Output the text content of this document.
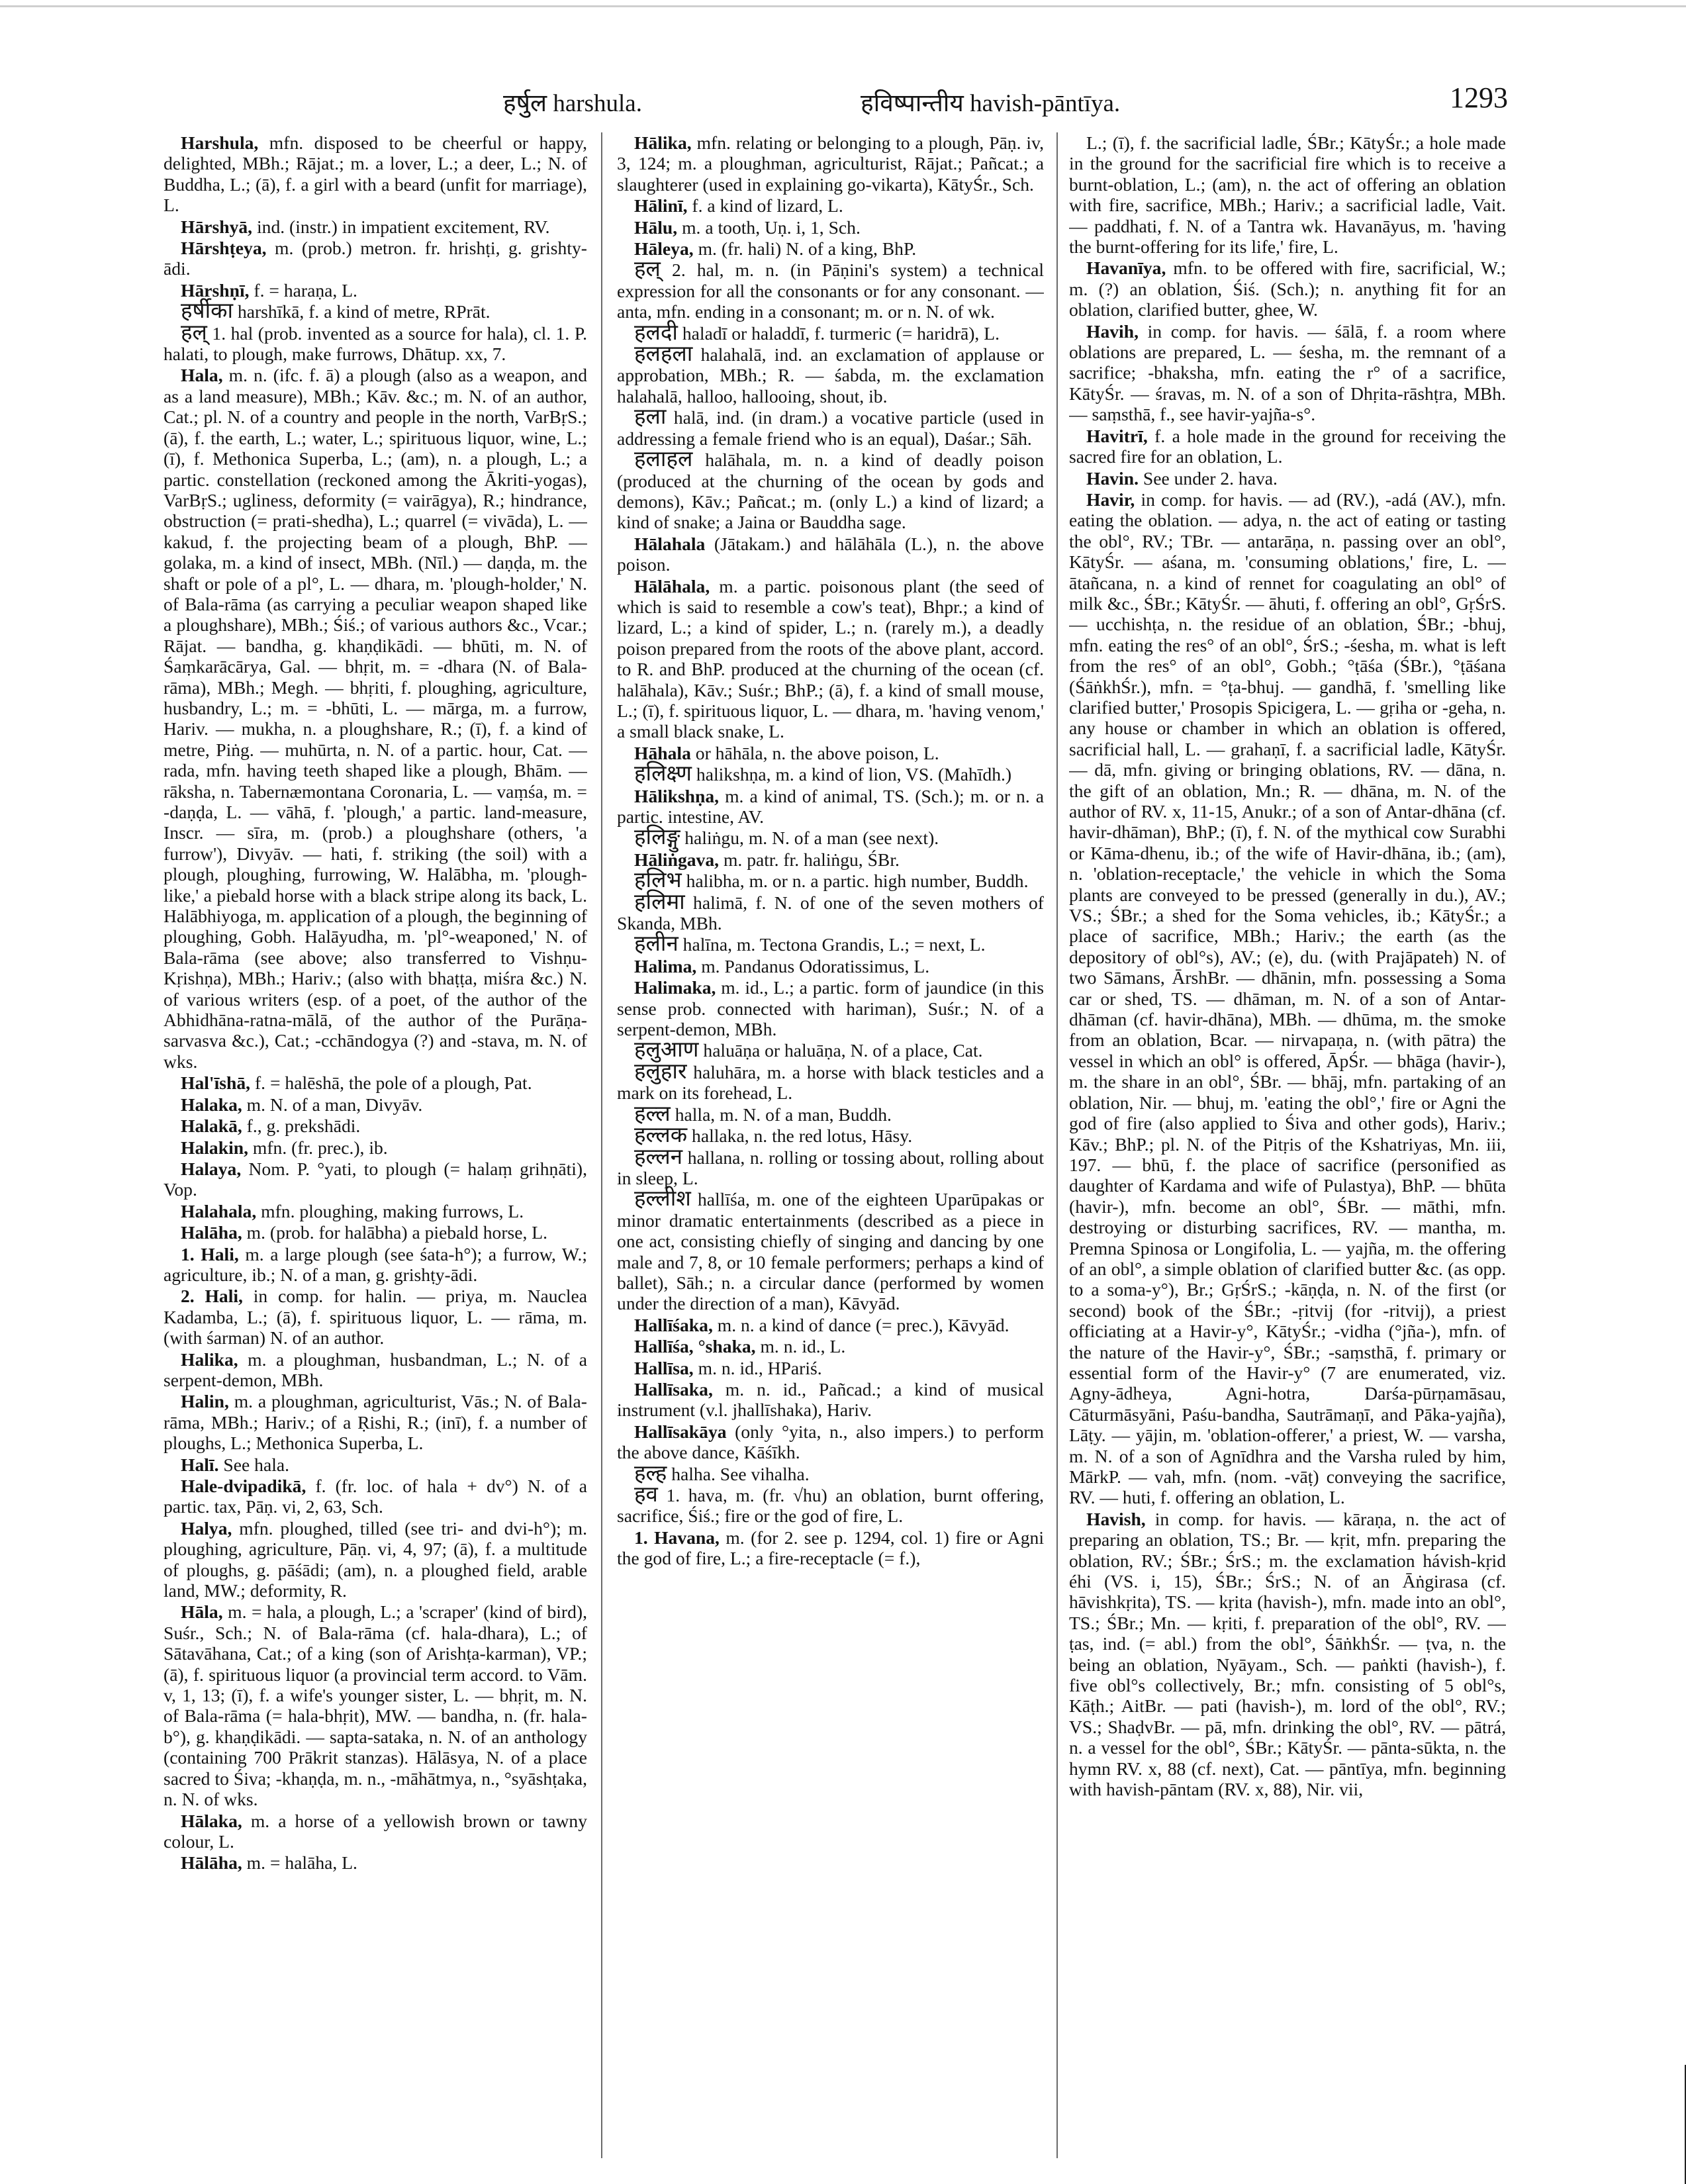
हर्षुल harshula.	हविष्पान्तीय havish-pāntīya.	1293

Harshula, mfn. disposed to be cheerful or happy, delighted, MBh.; Rājat.; m. a lover, L.; a deer, L.; N. of Buddha, L.; (ā), f. a girl with a beard (unfit for marriage), L.

Hārshyā, ind. (instr.) in impatient excitement, RV.

Hārshṭeya, m. (prob.) metron. fr. hrishṭi, g. grishty-ādi.

Hārshṇī, f. = haraṇa, L.

हर्षीका harshīkā, f. a kind of metre, RPrāt.

हल् 1. hal (prob. invented as a source for hala), cl. 1. P. halati, to plough, make furrows, Dhātup. xx, 7.

Hala, m. n. (ifc. f. ā) a plough (also as a weapon, and as a land measure), MBh.; Kāv. &c.; m. N. of an author, Cat.; pl. N. of a country and people in the north, VarBṛS.; (ā), f. the earth, L.; water, L.; spirituous liquor, wine, L.; (ī), f. Methonica Superba, L.; (am), n. a plough, L.; a partic. constellation (reckoned among the Ākriti-yogas), VarBṛS.; ugliness, deformity (= vairāgya), R.; hindrance, obstruction (= prati-shedha), L.; quarrel (= vivāda), L. — kakud, f. the projecting beam of a plough, BhP. — golaka, m. a kind of insect, MBh. (Nīl.) — daṇḍa, m. the shaft or pole of a pl°, L. — dhara, m. 'plough-holder,' N. of Bala-rāma (as carrying a peculiar weapon shaped like a ploughshare), MBh.; Śiś.; of various authors &c., Vcar.; Rājat. — bandha, g. khaṇḍikādi. — bhūti, m. N. of Śaṃkarācārya, Gal. — bhṛit, m. = -dhara (N. of Bala-rāma), MBh.; Megh. — bhṛiti, f. ploughing, agriculture, husbandry, L.; m. = -bhūti, L. — mārga, m. a furrow, Hariv. — mukha, n. a ploughshare, R.; (ī), f. a kind of metre, Piṅg. — muhūrta, n. N. of a partic. hour, Cat. — rada, mfn. having teeth shaped like a plough, Bhām. — rāksha, n. Tabernæmontana Coronaria, L. — vaṃśa, m. = -daṇḍa, L. — vāhā, f. 'plough,' a partic. land-measure, Inscr. — sīra, m. (prob.) a ploughshare (others, 'a furrow'), Divyāv. — hati, f. striking (the soil) with a plough, ploughing, furrowing, W. Halābha, m. 'plough-like,' a piebald horse with a black stripe along its back, L. Halābhiyoga, m. application of a plough, the beginning of ploughing, Gobh. Halāyudha, m. 'pl°-weaponed,' N. of Bala-rāma (see above; also transferred to Vishṇu-Kṛishṇa), MBh.; Hariv.; (also with bhaṭṭa, miśra &c.) N. of various writers (esp. of a poet, of the author of the Abhidhāna-ratna-mālā, of the author of the Purāṇa-sarvasva &c.), Cat.; -cchāndogya (?) and -stava, m. N. of wks.

Hal'īshā, f. = halēshā, the pole of a plough, Pat.

Halaka, m. N. of a man, Divyāv.

Halakā, f., g. prekshādi.

Halakin, mfn. (fr. prec.), ib.

Halaya, Nom. P. °yati, to plough (= halaṃ grihṇāti), Vop.

Halahala, mfn. ploughing, making furrows, L.

Halāha, m. (prob. for halābha) a piebald horse, L.

1. Hali, m. a large plough (see śata-h°); a furrow, W.; agriculture, ib.; N. of a man, g. grishṭy-ādi.

2. Hali, in comp. for halin. — priya, m. Nauclea Kadamba, L.; (ā), f. spirituous liquor, L. — rāma, m. (with śarman) N. of an author.

Halika, m. a ploughman, husbandman, L.; N. of a serpent-demon, MBh.

Halin, m. a ploughman, agriculturist, Vās.; N. of Bala-rāma, MBh.; Hariv.; of a Ṛishi, R.; (inī), f. a number of ploughs, L.; Methonica Superba, L.

Halī. See hala.

Hale-dvipadikā, f. (fr. loc. of hala + dv°) N. of a partic. tax, Pāṇ. vi, 2, 63, Sch.

Halya, mfn. ploughed, tilled (see tri- and dvi-h°); m. ploughing, agriculture, Pāṇ. vi, 4, 97; (ā), f. a multitude of ploughs, g. pāśādi; (am), n. a ploughed field, arable land, MW.; deformity, R.

Hāla, m. = hala, a plough, L.; a 'scraper' (kind of bird), Suśr., Sch.; N. of Bala-rāma (cf. hala-dhara), L.; of Sātavāhana, Cat.; of a king (son of Arishṭa-karman), VP.; (ā), f. spirituous liquor (a provincial term accord. to Vām. v, 1, 13; (ī), f. a wife's younger sister, L. — bhṛit, m. N. of Bala-rāma (= hala-bhṛit), MW. — bandha, n. (fr. hala-b°), g. khaṇḍikādi. — sapta-sataka, n. N. of an anthology (containing 700 Prākrit stanzas). Hālāsya, N. of a place sacred to Śiva; -khaṇḍa, m. n., -māhātmya, n., °syāshṭaka, n. N. of wks.

Hālaka, m. a horse of a yellowish brown or tawny colour, L.

Hālāha, m. = halāha, L.

Hālika, mfn. relating or belonging to a plough, Pāṇ. iv, 3, 124; m. a ploughman, agriculturist, Rājat.; Pañcat.; a slaughterer (used in explaining go-vikarta), KātyŚr., Sch.

Hālinī, f. a kind of lizard, L.

Hālu, m. a tooth, Uṇ. i, 1, Sch.

Hāleya, m. (fr. hali) N. of a king, BhP.

हल् 2. hal, m. n. (in Pāṇini's system) a technical expression for all the consonants or for any consonant. — anta, mfn. ending in a consonant; m. or n. N. of wk.

हलदी haladī or haladdī, f. turmeric (= haridrā), L.

हलहला halahalā, ind. an exclamation of applause or approbation, MBh.; R. — śabda, m. the exclamation halahalā, halloo, hallooing, shout, ib.

हला halā, ind. (in dram.) a vocative particle (used in addressing a female friend who is an equal), Daśar.; Sāh.

हलाहल halāhala, m. n. a kind of deadly poison (produced at the churning of the ocean by gods and demons), Kāv.; Pañcat.; m. (only L.) a kind of lizard; a kind of snake; a Jaina or Bauddha sage.

Hālahala (Jātakam.) and hālāhāla (L.), n. the above poison.

Hālāhala, m. a partic. poisonous plant (the seed of which is said to resemble a cow's teat), Bhpr.; a kind of lizard, L.; a kind of spider, L.; n. (rarely m.), a deadly poison prepared from the roots of the above plant, accord. to R. and BhP. produced at the churning of the ocean (cf. halāhala), Kāv.; Suśr.; BhP.; (ā), f. a kind of small mouse, L.; (ī), f. spirituous liquor, L. — dhara, m. 'having venom,' a small black snake, L.

Hāhala or hāhāla, n. the above poison, L.

हलिक्ष्ण halikshṇa, m. a kind of lion, VS. (Mahīdh.)

Hālikshṇa, m. a kind of animal, TS. (Sch.); m. or n. a partic. intestine, AV.

हलिङ्गु haliṅgu, m. N. of a man (see next).

Hāliṅgava, m. patr. fr. haliṅgu, ŚBr.

हलिभ halibha, m. or n. a partic. high number, Buddh.

हलिमा halimā, f. N. of one of the seven mothers of Skanda, MBh.

हलीन halīna, m. Tectona Grandis, L.; = next, L.

Halima, m. Pandanus Odoratissimus, L.

Halimaka, m. id., L.; a partic. form of jaundice (in this sense prob. connected with hariman), Suśr.; N. of a serpent-demon, MBh.

हलुआण haluāṇa or haluāṇa, N. of a place, Cat.

हलुहार haluhāra, m. a horse with black testicles and a mark on its forehead, L.

हल्ल halla, m. N. of a man, Buddh.

हल्लक hallaka, n. the red lotus, Hāsy.

हल्लन hallana, n. rolling or tossing about, rolling about in sleep, L.

हल्लीश hallīśa, m. one of the eighteen Uparūpakas or minor dramatic entertainments (described as a piece in one act, consisting chiefly of singing and dancing by one male and 7, 8, or 10 female performers; perhaps a kind of ballet), Sāh.; n. a circular dance (performed by women under the direction of a man), Kāvyād.

Hallīśaka, m. n. a kind of dance (= prec.), Kāvyād.

Hallīśa, °shaka, m. n. id., L.

Hallīsa, m. n. id., HPariś.

Hallīsaka, m. n. id., Pañcad.; a kind of musical instrument (v.l. jhallīshaka), Hariv.

Hallīsakāya (only °yita, n., also impers.) to perform the above dance, Kāśīkh.

हल्ह halha. See vihalha.

हव 1. hava, m. (fr. √hu) an oblation, burnt offering, sacrifice, Śiś.; fire or the god of fire, L.

1. Havana, m. (for 2. see p. 1294, col. 1) fire or Agni the god of fire, L.; a fire-receptacle (= f.),

L.; (ī), f. the sacrificial ladle, ŚBr.; KātyŚr.; a hole made in the ground for the sacrificial fire which is to receive a burnt-oblation, L.; (am), n. the act of offering an oblation with fire, sacrifice, MBh.; Hariv.; a sacrificial ladle, Vait. — paddhati, f. N. of a Tantra wk. Havanāyus, m. 'having the burnt-offering for its life,' fire, L.

Havanīya, mfn. to be offered with fire, sacrificial, W.; m. (?) an oblation, Śiś. (Sch.); n. anything fit for an oblation, clarified butter, ghee, W.

Havih, in comp. for havis. — śālā, f. a room where oblations are prepared, L. — śesha, m. the remnant of a sacrifice; -bhaksha, mfn. eating the r° of a sacrifice, KātyŚr. — śravas, m. N. of a son of Dhṛita-rāshṭra, MBh. — saṃsthā, f., see havir-yajña-s°.

Havitrī, f. a hole made in the ground for receiving the sacred fire for an oblation, L.

Havin. See under 2. hava.

Havir, in comp. for havis. — ad (RV.), -adá (AV.), mfn. eating the oblation. — adya, n. the act of eating or tasting the obl°, RV.; TBr. — antarāṇa, n. passing over an obl°, KātyŚr. — aśana, m. 'consuming oblations,' fire, L. — ātañcana, n. a kind of rennet for coagulating an obl° of milk &c., ŚBr.; KātyŚr. — āhuti, f. offering an obl°, GṛŚrS. — ucchishṭa, n. the residue of an oblation, ŚBr.; -bhuj, mfn. eating the res° of an obl°, ŚrS.; -śesha, m. what is left from the res° of an obl°, Gobh.; °ṭāśa (ŚBr.), °ṭāśana (ŚāṅkhŚr.), mfn. = °ṭa-bhuj. — gandhā, f. 'smelling like clarified butter,' Prosopis Spicigera, L. — gṛiha or -geha, n. any house or chamber in which an oblation is offered, sacrificial hall, L. — grahaṇī, f. a sacrificial ladle, KātyŚr. — dā, mfn. giving or bringing oblations, RV. — dāna, n. the gift of an oblation, Mn.; R. — dhāna, m. N. of the author of RV. x, 11-15, Anukr.; of a son of Antar-dhāna (cf. havir-dhāman), BhP.; (ī), f. N. of the mythical cow Surabhi or Kāma-dhenu, ib.; of the wife of Havir-dhāna, ib.; (am), n. 'oblation-receptacle,' the vehicle in which the Soma plants are conveyed to be pressed (generally in du.), AV.; VS.; ŚBr.; a shed for the Soma vehicles, ib.; KātyŚr.; a place of sacrifice, MBh.; Hariv.; the earth (as the depository of obl°s), AV.; (e), du. (with Prajāpateh) N. of two Sāmans, ĀrshBr. — dhānin, mfn. possessing a Soma car or shed, TS. — dhāman, m. N. of a son of Antar-dhāman (cf. havir-dhāna), MBh. — dhūma, m. the smoke from an oblation, Bcar. — nirvapaṇa, n. (with pātra) the vessel in which an obl° is offered, ĀpŚr. — bhāga (havir-), m. the share in an obl°, ŚBr. — bhāj, mfn. partaking of an oblation, Nir. — bhuj, m. 'eating the obl°,' fire or Agni the god of fire (also applied to Śiva and other gods), Hariv.; Kāv.; BhP.; pl. N. of the Pitṛis of the Kshatriyas, Mn. iii, 197. — bhū, f. the place of sacrifice (personified as daughter of Kardama and wife of Pulastya), BhP. — bhūta (havir-), mfn. become an obl°, ŚBr. — māthi, mfn. destroying or disturbing sacrifices, RV. — mantha, m. Premna Spinosa or Longifolia, L. — yajña, m. the offering of an obl°, a simple oblation of clarified butter &c. (as opp. to a soma-y°), Br.; GṛŚrS.; -kāṇḍa, n. N. of the first (or second) book of the ŚBr.; -ṛitvij (for -ritvij), a priest officiating at a Havir-y°, KātyŚr.; -vidha (°jña-), mfn. of the nature of the Havir-y°, ŚBr.; -saṃsthā, f. primary or essential form of the Havir-y° (7 are enumerated, viz. Agny-ādheya, Agni-hotra, Darśa-pūrṇamāsau, Cāturmāsyāni, Paśu-bandha, Sautrāmaṇī, and Pāka-yajña), Lāṭy. — yājin, m. 'oblation-offerer,' a priest, W. — varsha, m. N. of a son of Agnīdhra and the Varsha ruled by him, MārkP. — vah, mfn. (nom. -vāṭ) conveying the sacrifice, RV. — huti, f. offering an oblation, L.

Havish, in comp. for havis. — kāraṇa, n. the act of preparing an oblation, TS.; Br. — kṛit, mfn. preparing the oblation, RV.; ŚBr.; ŚrS.; m. the exclamation hávish-kṛid éhi (VS. i, 15), ŚBr.; ŚrS.; N. of an Āṅgirasa (cf. hāvishkṛita), TS. — kṛita (havish-), mfn. made into an obl°, TS.; ŚBr.; Mn. — kṛiti, f. preparation of the obl°, RV. — ṭas, ind. (= abl.) from the obl°, ŚāṅkhŚr. — ṭva, n. the being an oblation, Nyāyam., Sch. — paṅkti (havish-), f. five obl°s collectively, Br.; mfn. consisting of 5 obl°s, Kāṭh.; AitBr. — pati (havish-), m. lord of the obl°, RV.; VS.; ShaḍvBr. — pā, mfn. drinking the obl°, RV. — pātrá, n. a vessel for the obl°, ŚBr.; KātyŚr. — pānta-sūkta, n. the hymn RV. x, 88 (cf. next), Cat. — pāntīya, mfn. beginning with havish-pāntam (RV. x, 88), Nir. vii,
